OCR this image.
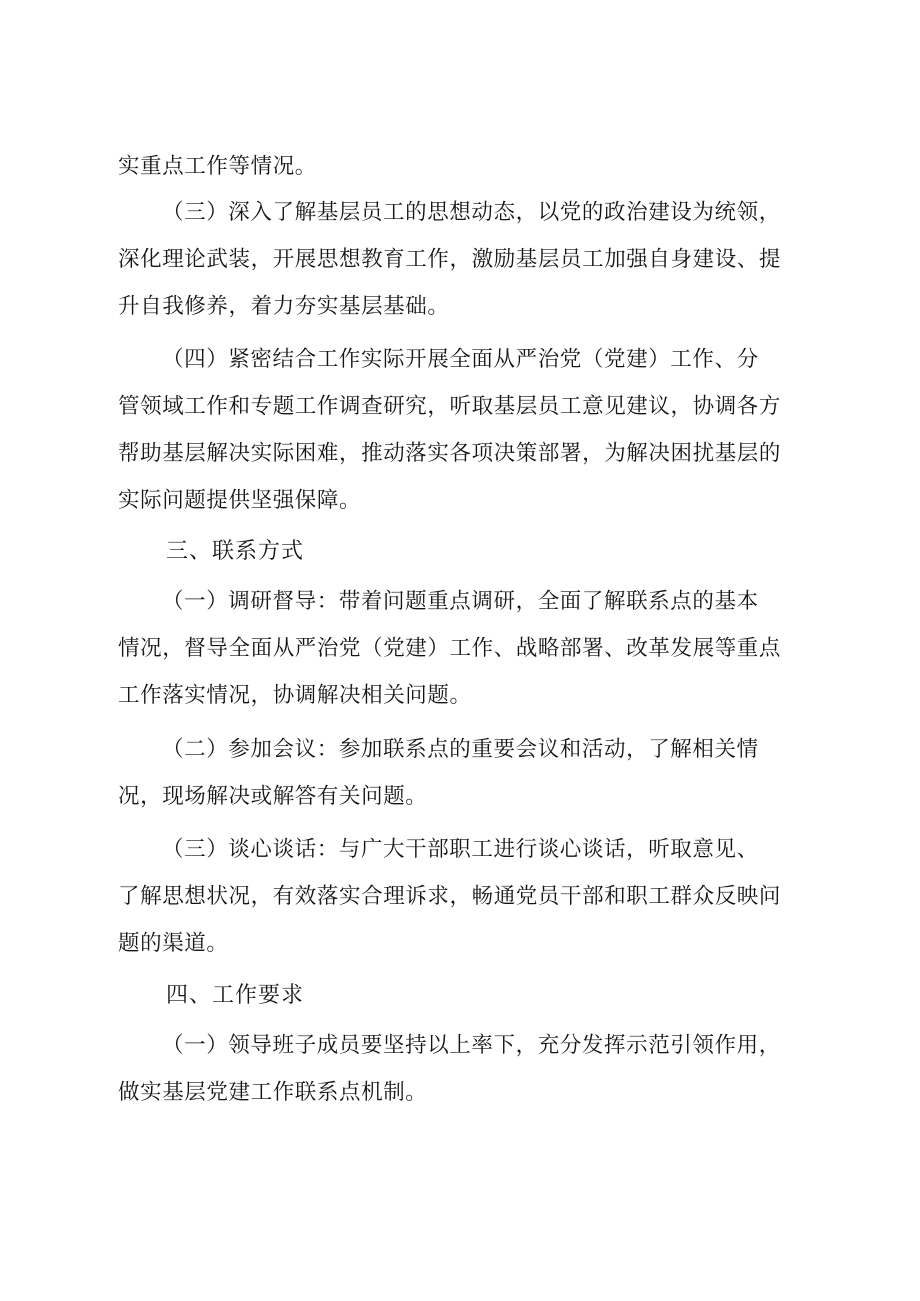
实重点工作等情况。
（三）深入了解基层员工的思想动态，以党的政治建设为统领，
深化理论武装，开展思想教育工作，激励基层员工加强自身建设、提
升自我修养，着力夯实基层基础。
（四）紧密结合工作实际开展全面从严治党（党建）工作、分
管领域工作和专题工作调查研究，听取基层员工意见建议，协调各方
帮助基层解决实际困难，推动落实各项决策部署，为解决困扰基层的
实际问题提供坚强保障。
三、联系方式
（一）调研督导：带着问题重点调研，全面了解联系点的基本
情况，督导全面从严治党（党建）工作、战略部署、改革发展等重点
工作落实情况，协调解决相关问题。
（二）参加会议：参加联系点的重要会议和活动，了解相关情
况，现场解决或解答有关问题。
（三）谈心谈话：与广大干部职工进行谈心谈话，听取意见、
了解思想状况，有效落实合理诉求，畅通党员干部和职工群众反映问
题的渠道。
四、工作要求
（一）领导班子成员要坚持以上率下，充分发挥示范引领作用，
做实基层党建工作联系点机制。
